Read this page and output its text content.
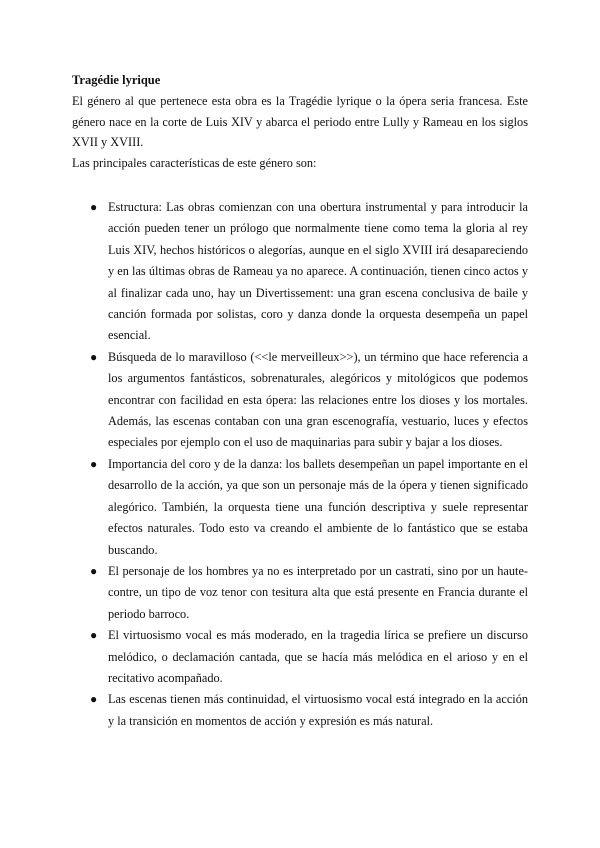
Tragédie lyrique

El género al que pertenece esta obra es la Tragédie lyrique o la ópera seria francesa. Este género nace en la corte de Luis XIV y abarca el periodo entre Lully y Rameau en los siglos XVII y XVIII.

Las principales características de este género son:

● Estructura: Las obras comienzan con una obertura instrumental y para introducir la acción pueden tener un prólogo que normalmente tiene como tema la gloria al rey Luis XIV, hechos históricos o alegorías, aunque en el siglo XVIII irá desapareciendo y en las últimas obras de Rameau ya no aparece. A continuación, tienen cinco actos y al finalizar cada uno, hay un Divertissement: una gran escena conclusiva de baile y canción formada por solistas, coro y danza donde la orquesta desempeña un papel esencial.
● Búsqueda de lo maravilloso (<<le merveilleux>>), un término que hace referencia a los argumentos fantásticos, sobrenaturales, alegóricos y mitológicos que podemos encontrar con facilidad en esta ópera: las relaciones entre los dioses y los mortales. Además, las escenas contaban con una gran escenografía, vestuario, luces y efectos especiales por ejemplo con el uso de maquinarias para subir y bajar a los dioses.
● Importancia del coro y de la danza: los ballets desempeñan un papel importante en el desarrollo de la acción, ya que son un personaje más de la ópera y tienen significado alegórico. También, la orquesta tiene una función descriptiva y suele representar efectos naturales. Todo esto va creando el ambiente de lo fantástico que se estaba buscando.
● El personaje de los hombres ya no es interpretado por un castrati, sino por un haute-contre, un tipo de voz tenor con tesitura alta que está presente en Francia durante el periodo barroco.
● El virtuosismo vocal es más moderado, en la tragedia lírica se prefiere un discurso melódico, o declamación cantada, que se hacía más melódica en el arioso y en el recitativo acompañado.
● Las escenas tienen más continuidad, el virtuosismo vocal está integrado en la acción y la transición en momentos de acción y expresión es más natural.
